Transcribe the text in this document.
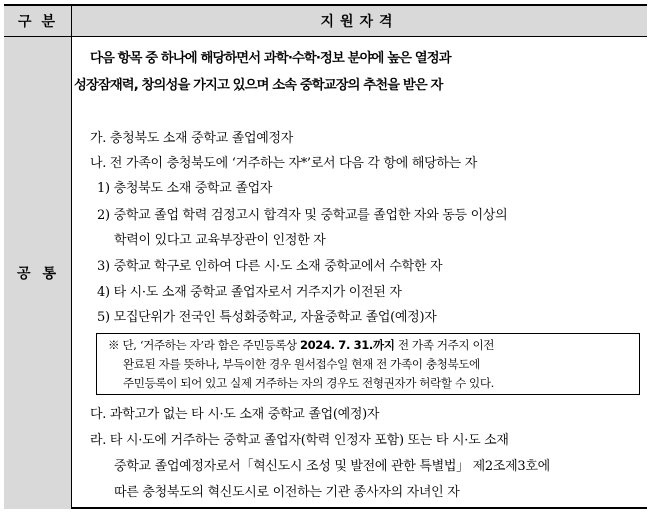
구분	지원자격
공통
다음 항목 중 하나에 해당하면서 과학·수학·정보 분야에 높은 열정과
성장잠재력, 창의성을 가지고 있으며 소속 중학교장의 추천을 받은 자
가. 충청북도 소재 중학교 졸업예정자
나. 전 가족이 충청북도에 ‘거주하는 자*’로서 다음 각 항에 해당하는 자
1) 충청북도 소재 중학교 졸업자
2) 중학교 졸업 학력 검정고시 합격자 및 중학교를 졸업한 자와 동등 이상의
학력이 있다고 교육부장관이 인정한 자
3) 중학교 학구로 인하여 다른 시·도 소재 중학교에서 수학한 자
4) 타 시·도 소재 중학교 졸업자로서 거주지가 이전된 자
5) 모집단위가 전국인 특성화중학교, 자율중학교 졸업(예정)자
※ 단, ‘거주하는 자’라 함은 주민등록상 2024. 7. 31.까지 전 가족 거주지 이전
완료된 자를 뜻하나, 부득이한 경우 원서접수일 현재 전 가족이 충청북도에
주민등록이 되어 있고 실제 거주하는 자의 경우도 전형권자가 허락할 수 있다.
다. 과학고가 없는 타 시·도 소재 중학교 졸업(예정)자
라. 타 시·도에 거주하는 중학교 졸업자(학력 인정자 포함) 또는 타 시·도 소재
중학교 졸업예정자로서「혁신도시 조성 및 발전에 관한 특별법」 제2조제3호에
따른 충청북도의 혁신도시로 이전하는 기관 종사자의 자녀인 자
